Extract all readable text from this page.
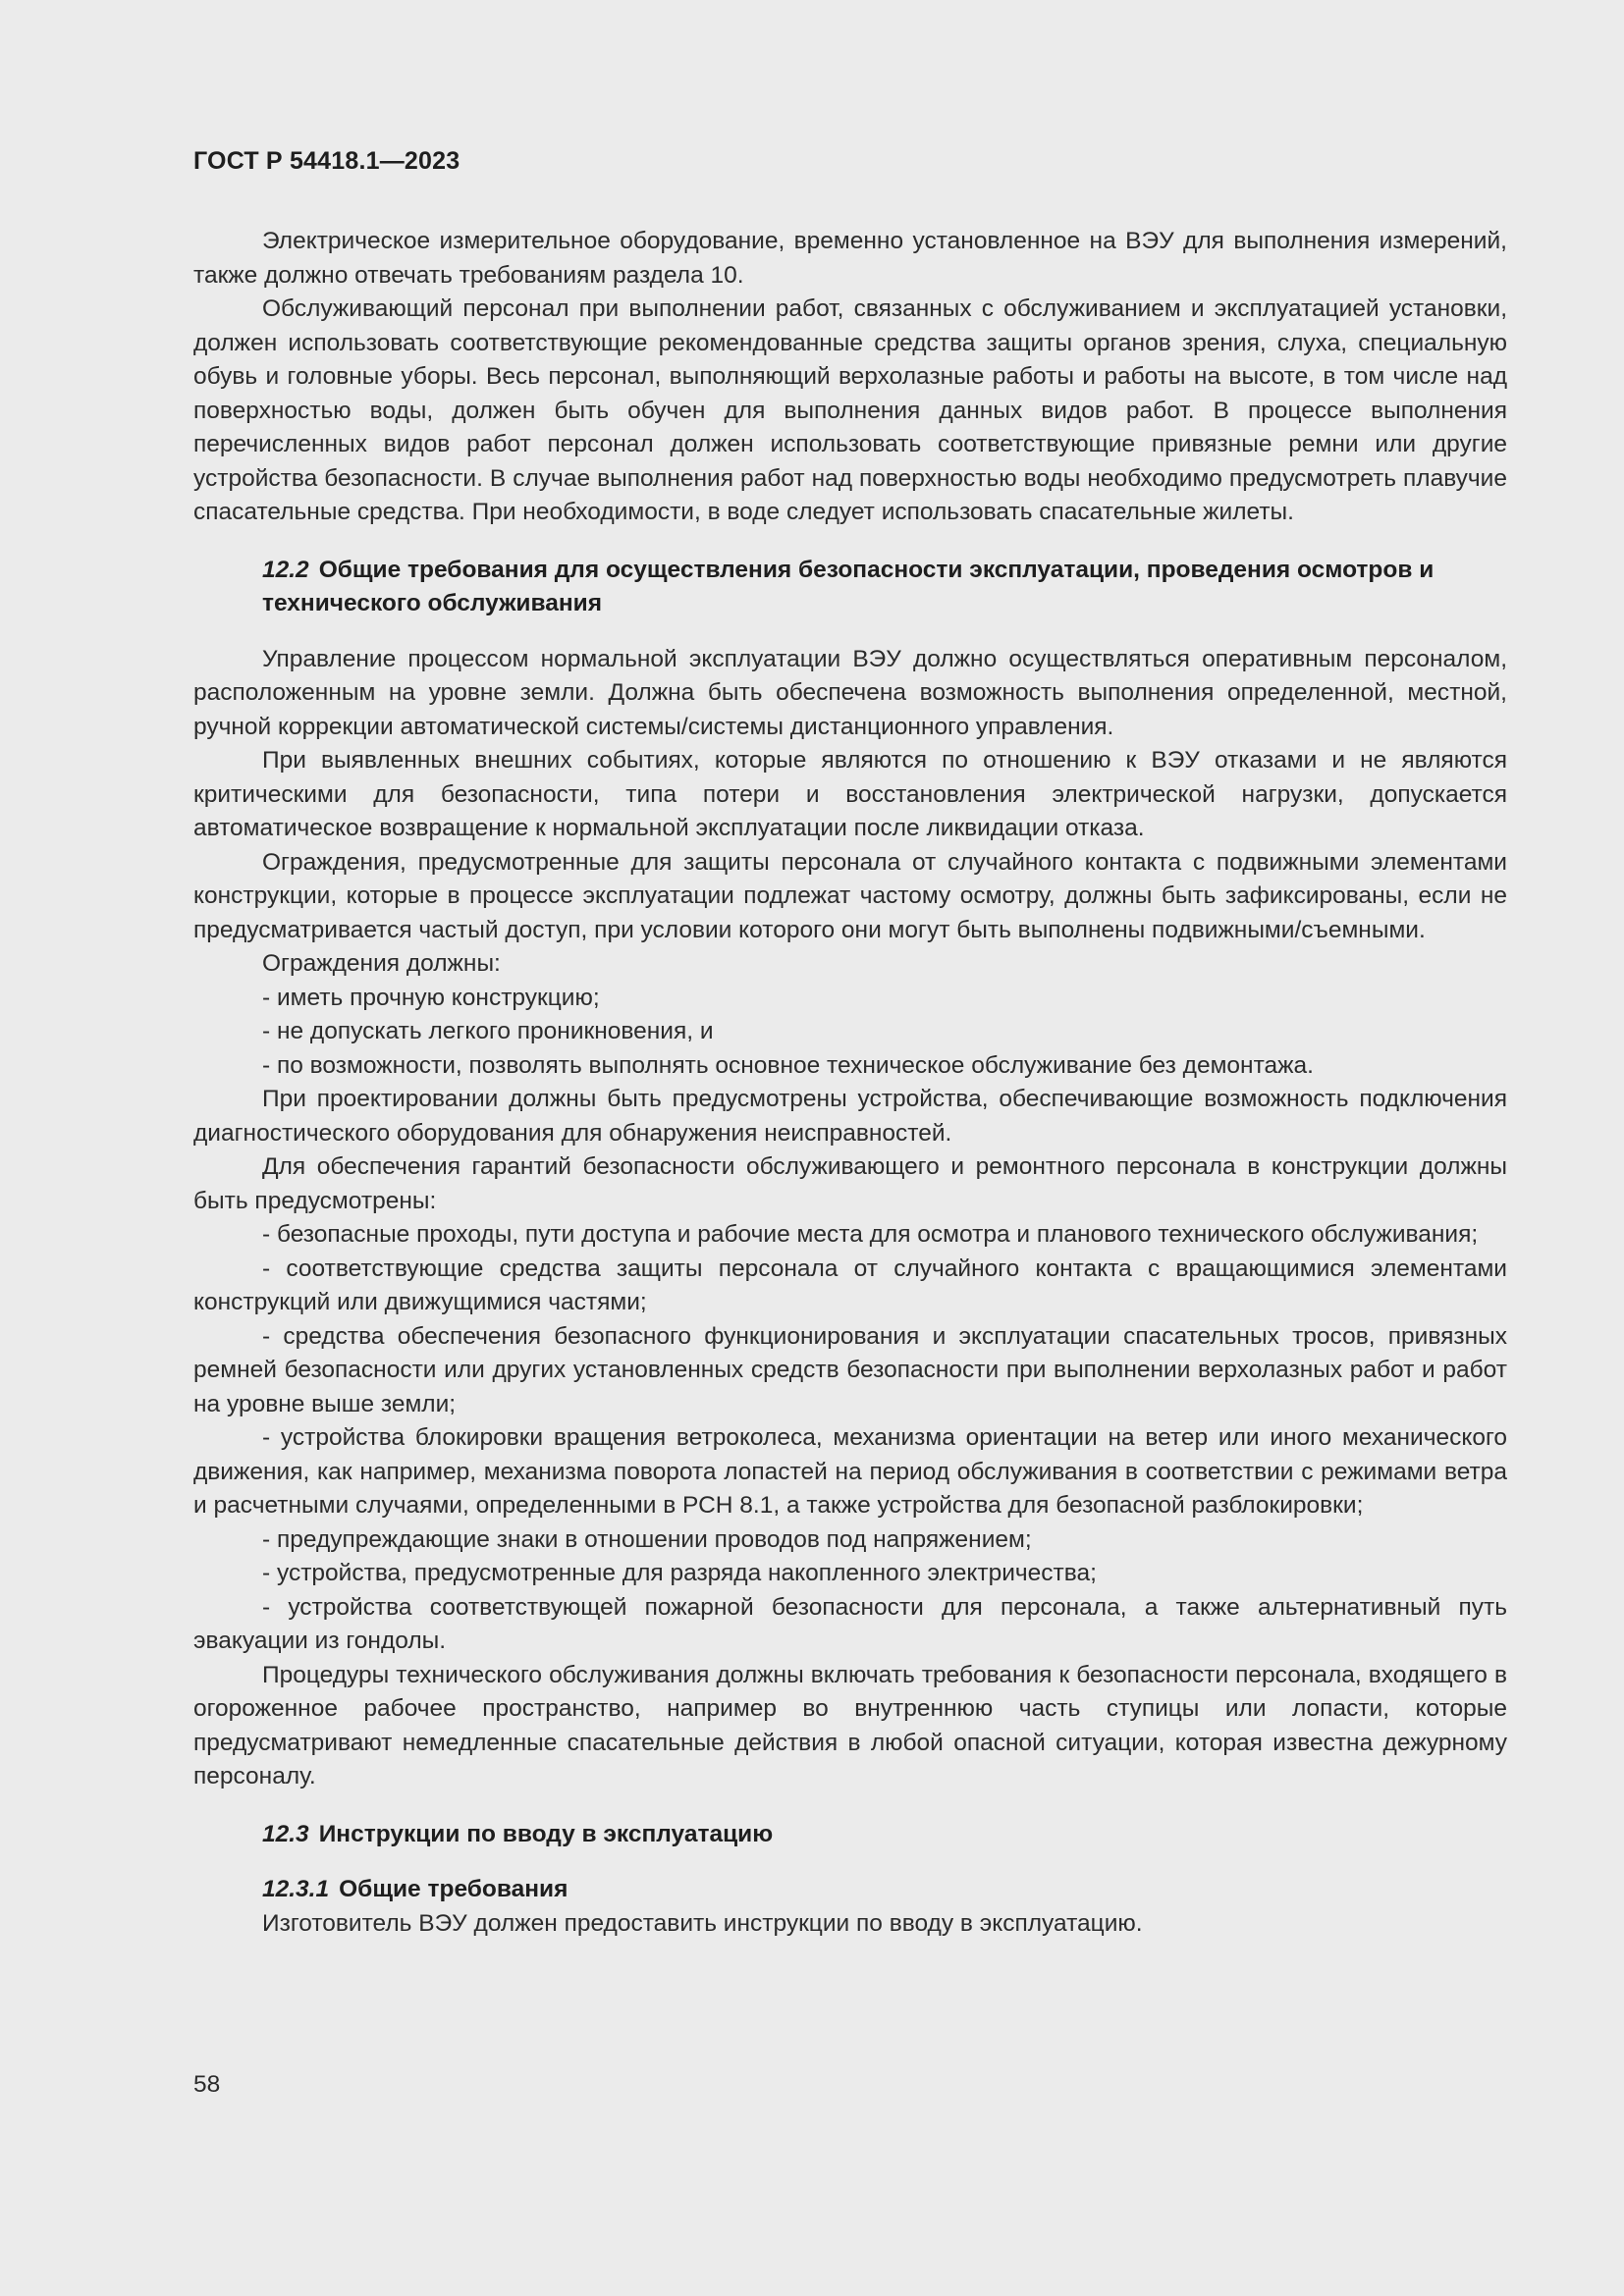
ГОСТ Р 54418.1—2023

Электрическое измерительное оборудование, временно установленное на ВЭУ для выполнения измерений, также должно отвечать требованиям раздела 10.

Обслуживающий персонал при выполнении работ, связанных с обслуживанием и эксплуатацией установки, должен использовать соответствующие рекомендованные средства защиты органов зрения, слуха, специальную обувь и головные уборы. Весь персонал, выполняющий верхолазные работы и работы на высоте, в том числе над поверхностью воды, должен быть обучен для выполнения данных видов работ. В процессе выполнения перечисленных видов работ персонал должен использовать соответствующие привязные ремни или другие устройства безопасности. В случае выполнения работ над поверхностью воды необходимо предусмотреть плавучие спасательные средства. При необходимости, в воде следует использовать спасательные жилеты.

12.2 Общие требования для осуществления безопасности эксплуатации, проведения осмотров и технического обслуживания

Управление процессом нормальной эксплуатации ВЭУ должно осуществляться оперативным персоналом, расположенным на уровне земли. Должна быть обеспечена возможность выполнения определенной, местной, ручной коррекции автоматической системы/системы дистанционного управления.

При выявленных внешних событиях, которые являются по отношению к ВЭУ отказами и не являются критическими для безопасности, типа потери и восстановления электрической нагрузки, допускается автоматическое возвращение к нормальной эксплуатации после ликвидации отказа.

Ограждения, предусмотренные для защиты персонала от случайного контакта с подвижными элементами конструкции, которые в процессе эксплуатации подлежат частому осмотру, должны быть зафиксированы, если не предусматривается частый доступ, при условии которого они могут быть выполнены подвижными/съемными.

Ограждения должны:

- иметь прочную конструкцию;

- не допускать легкого проникновения, и

- по возможности, позволять выполнять основное техническое обслуживание без демонтажа.

При проектировании должны быть предусмотрены устройства, обеспечивающие возможность подключения диагностического оборудования для обнаружения неисправностей.

Для обеспечения гарантий безопасности обслуживающего и ремонтного персонала в конструкции должны быть предусмотрены:

- безопасные проходы, пути доступа и рабочие места для осмотра и планового технического обслуживания;

- соответствующие средства защиты персонала от случайного контакта с вращающимися элементами конструкций или движущимися частями;

- средства обеспечения безопасного функционирования и эксплуатации спасательных тросов, привязных ремней безопасности или других установленных средств безопасности при выполнении верхолазных работ и работ на уровне выше земли;

- устройства блокировки вращения ветроколеса, механизма ориентации на ветер или иного механического движения, как например, механизма поворота лопастей на период обслуживания в соответствии с режимами ветра и расчетными случаями, определенными в РСН 8.1, а также устройства для безопасной разблокировки;

- предупреждающие знаки в отношении проводов под напряжением;

- устройства, предусмотренные для разряда накопленного электричества;

- устройства соответствующей пожарной безопасности для персонала, а также альтернативный путь эвакуации из гондолы.

Процедуры технического обслуживания должны включать требования к безопасности персонала, входящего в огороженное рабочее пространство, например во внутреннюю часть ступицы или лопасти, которые предусматривают немедленные спасательные действия в любой опасной ситуации, которая известна дежурному персоналу.

12.3 Инструкции по вводу в эксплуатацию

12.3.1 Общие требования

Изготовитель ВЭУ должен предоставить инструкции по вводу в эксплуатацию.

58
